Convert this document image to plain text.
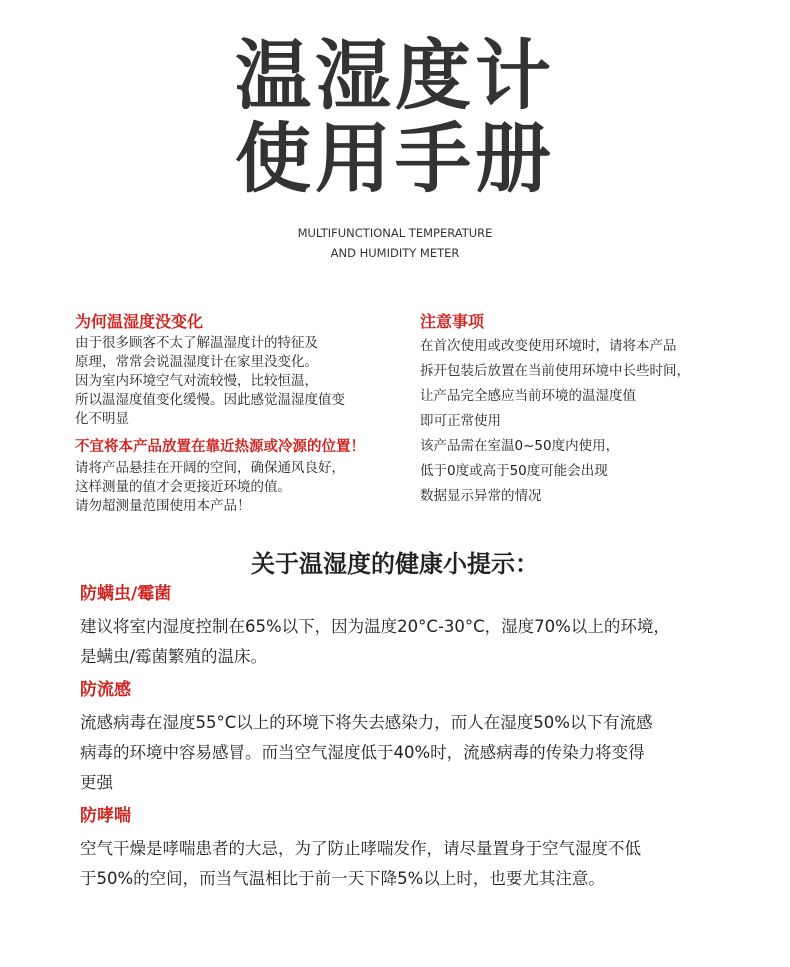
温湿度计
使用手册
MULTIFUNCTIONAL TEMPERATURE
AND HUMIDITY METER
为何温湿度没变化
由于很多顾客不太了解温湿度计的特征及
原理，常常会说温湿度计在家里没变化。
因为室内环境空气对流较慢，比较恒温，
所以温湿度值变化缓慢。因此感觉温湿度值变
化不明显
不宜将本产品放置在靠近热源或冷源的位置！
请将产品悬挂在开阔的空间，确保通风良好，
这样测量的值才会更接近环境的值。
请勿超测量范围使用本产品！
注意事项
在首次使用或改变使用环境时，请将本产品
拆开包装后放置在当前使用环境中长些时间，
让产品完全感应当前环境的温湿度值
即可正常使用
该产品需在室温0~50度内使用，
低于0度或高于50度可能会出现
数据显示异常的情况
关于温湿度的健康小提示：
防螨虫/霉菌
建议将室内湿度控制在65%以下，因为温度20°C-30°C，湿度70%以上的环境，
是螨虫/霉菌繁殖的温床。
防流感
流感病毒在湿度55°C以上的环境下将失去感染力，而人在湿度50%以下有流感
病毒的环境中容易感冒。而当空气湿度低于40%时，流感病毒的传染力将变得
更强
防哮喘
空气干燥是哮喘患者的大忌，为了防止哮喘发作，请尽量置身于空气湿度不低
于50%的空间，而当气温相比于前一天下降5%以上时，也要尤其注意。
